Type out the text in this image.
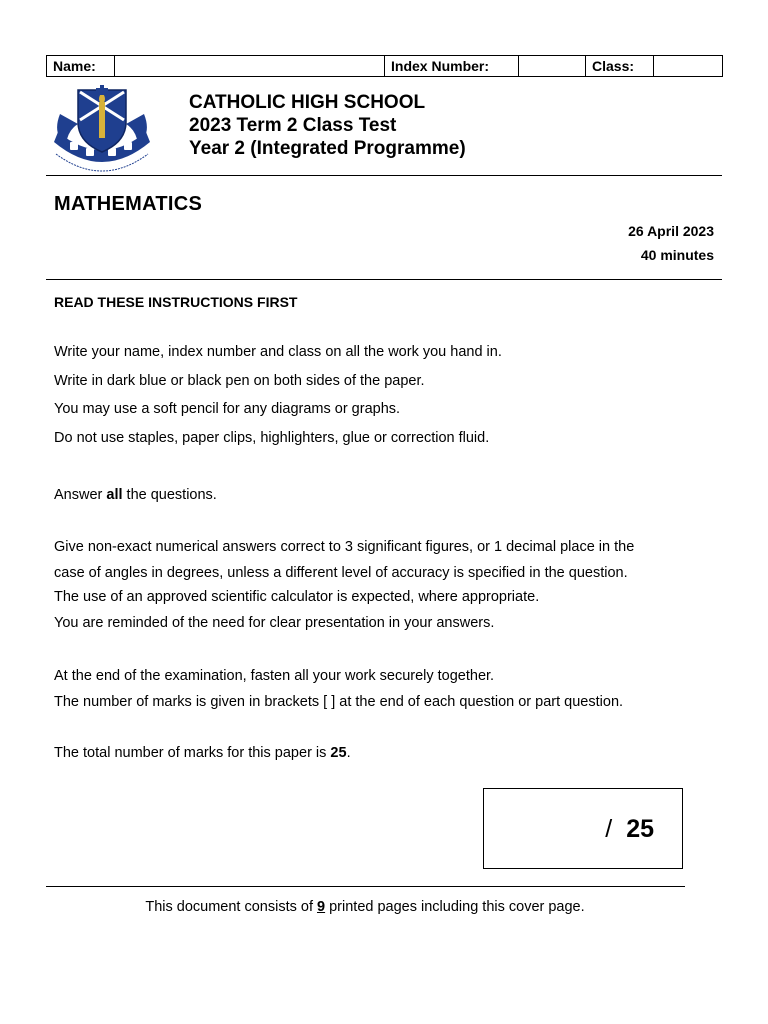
Name:		Index Number:		Class:	
CATHOLIC HIGH SCHOOL
2023 Term 2 Class Test
Year 2 (Integrated Programme)
MATHEMATICS
26 April 2023
40 minutes
READ THESE INSTRUCTIONS FIRST
Write your name, index number and class on all the work you hand in.
Write in dark blue or black pen on both sides of the paper.
You may use a soft pencil for any diagrams or graphs.
Do not use staples, paper clips, highlighters, glue or correction fluid.
Answer all the questions.
Give non-exact numerical answers correct to 3 significant figures, or 1 decimal place in the
case of angles in degrees, unless a different level of accuracy is specified in the question.
The use of an approved scientific calculator is expected, where appropriate.
You are reminded of the need for clear presentation in your answers.
At the end of the examination, fasten all your work securely together.
The number of marks is given in brackets [ ] at the end of each question or part question.
The total number of marks for this paper is 25.
/ 25
This document consists of 9 printed pages including this cover page.
